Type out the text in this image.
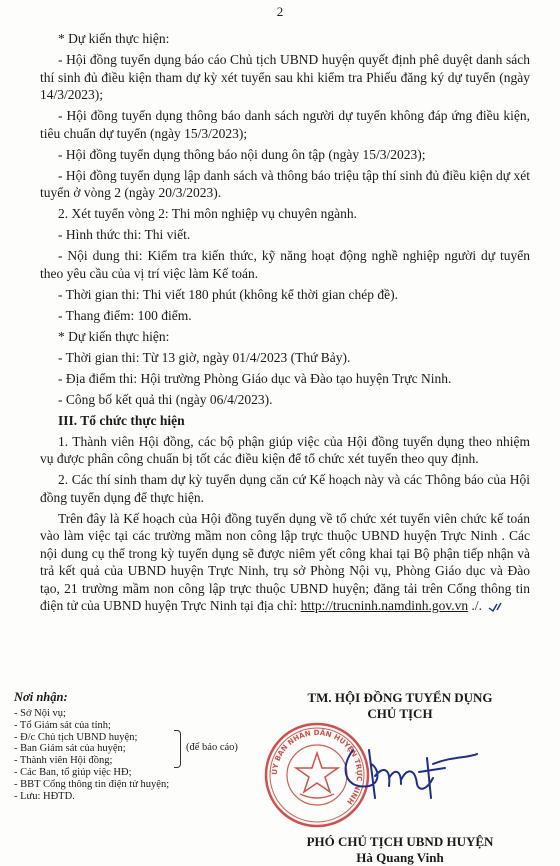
2

* Dự kiến thực hiện:

- Hội đồng tuyển dụng báo cáo Chủ tịch UBND huyện quyết định phê duyệt danh sách thí sinh đủ điều kiện tham dự kỳ xét tuyển sau khi kiểm tra Phiếu đăng ký dự tuyển (ngày 14/3/2023);

- Hội đồng tuyển dụng thông báo danh sách người dự tuyển không đáp ứng điều kiện, tiêu chuẩn dự tuyển (ngày 15/3/2023);

- Hội đồng tuyển dụng thông báo nội dung ôn tập (ngày 15/3/2023);

- Hội đồng tuyển dụng lập danh sách và thông báo triệu tập thí sinh đủ điều kiện dự xét tuyển ở vòng 2 (ngày 20/3/2023).

2. Xét tuyển vòng 2: Thi môn nghiệp vụ chuyên ngành.

- Hình thức thi: Thi viết.

- Nội dung thi: Kiểm tra kiến thức, kỹ năng hoạt động nghề nghiệp người dự tuyển theo yêu cầu của vị trí việc làm Kế toán.

- Thời gian thi: Thi viết 180 phút (không kể thời gian chép đề).

- Thang điểm: 100 điểm.

* Dự kiến thực hiện:

- Thời gian thi: Từ 13 giờ, ngày 01/4/2023 (Thứ Bảy).

- Địa điểm thi: Hội trường Phòng Giáo dục và Đào tạo huyện Trực Ninh.

- Công bố kết quả thi (ngày 06/4/2023).

III. Tổ chức thực hiện

1. Thành viên Hội đồng, các bộ phận giúp việc của Hội đồng tuyển dụng theo nhiệm vụ được phân công chuẩn bị tốt các điều kiện để tổ chức xét tuyển theo quy định.

2. Các thí sinh tham dự kỳ tuyển dụng căn cứ Kế hoạch này và các Thông báo của Hội đồng tuyển dụng để thực hiện.

Trên đây là Kế hoạch của Hội đồng tuyển dụng về tổ chức xét tuyển viên chức kế toán vào làm việc tại các trường mầm non công lập trực thuộc UBND huyện Trực Ninh . Các nội dung cụ thể trong kỳ tuyển dụng sẽ được niêm yết công khai tại Bộ phận tiếp nhận và trả kết quả của UBND huyện Trực Ninh, trụ sở Phòng Nội vụ, Phòng Giáo dục và Đào tạo, 21 trường mầm non công lập trực thuộc UBND huyện; đăng tải trên Cổng thông tin điện tử của UBND huyện Trực Ninh tại địa chỉ: http://trucninh.namdinh.gov.vn ./.

Nơi nhận:
- Sở Nội vụ;
- Tổ Giám sát của tỉnh;
- Đ/c Chủ tịch UBND huyện;
- Ban Giám sát của huyện;
- Thành viên Hội đồng;
- Các Ban, tổ giúp việc HĐ;
- BBT Cổng thông tin điện tử huyện;
- Lưu: HĐTD.
(để báo cáo)
TM. HỘI ĐỒNG TUYỂN DỤNG
CHỦ TỊCH
ỦY BAN NHÂN DÂN HUYỆN TRỰC NINH
PHÓ CHỦ TỊCH UBND HUYỆN
Hà Quang Vinh
